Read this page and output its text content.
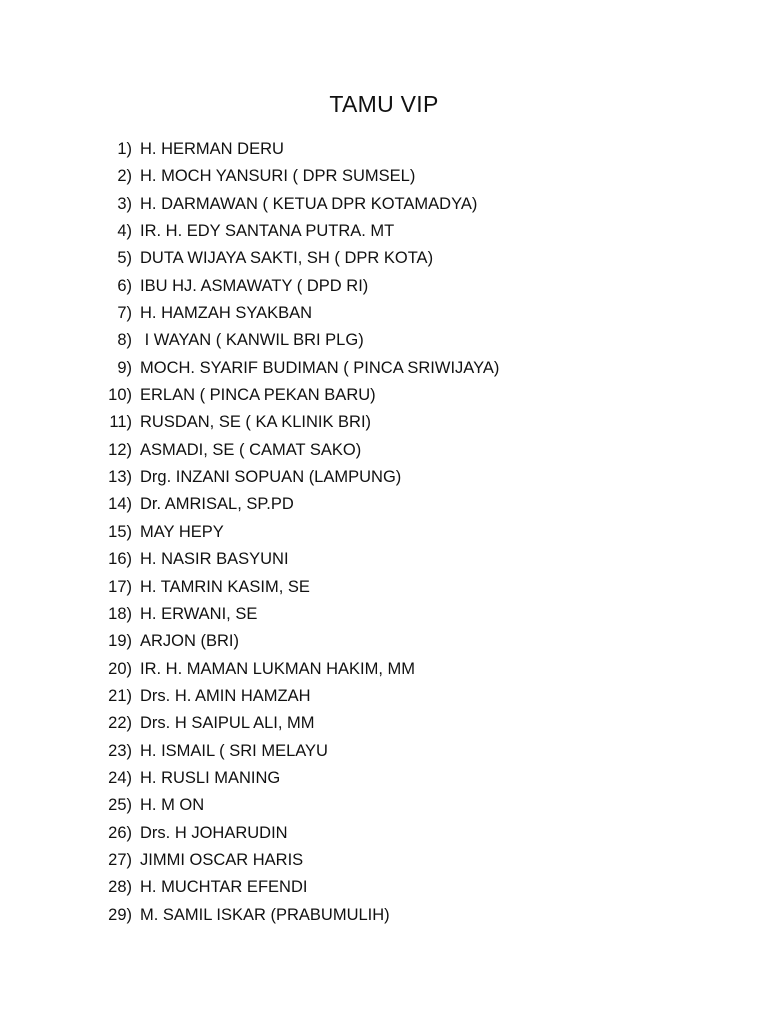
TAMU VIP
1) H. HERMAN DERU
2) H. MOCH YANSURI ( DPR SUMSEL)
3) H. DARMAWAN ( KETUA DPR KOTAMADYA)
4) IR. H. EDY SANTANA PUTRA. MT
5) DUTA WIJAYA SAKTI, SH ( DPR KOTA)
6) IBU HJ. ASMAWATY ( DPD RI)
7) H. HAMZAH SYAKBAN
8) I WAYAN ( KANWIL BRI PLG)
9) MOCH. SYARIF BUDIMAN ( PINCA SRIWIJAYA)
10) ERLAN ( PINCA PEKAN BARU)
11) RUSDAN, SE ( KA KLINIK BRI)
12) ASMADI, SE ( CAMAT SAKO)
13) Drg. INZANI SOPUAN (LAMPUNG)
14) Dr. AMRISAL, SP.PD
15) MAY HEPY
16) H. NASIR BASYUNI
17) H. TAMRIN KASIM, SE
18) H. ERWANI, SE
19) ARJON (BRI)
20) IR. H. MAMAN LUKMAN HAKIM, MM
21) Drs. H. AMIN HAMZAH
22) Drs. H SAIPUL ALI, MM
23) H. ISMAIL ( SRI MELAYU
24) H. RUSLI MANING
25) H. M ON
26) Drs. H JOHARUDIN
27) JIMMI OSCAR HARIS
28) H. MUCHTAR EFENDI
29) M. SAMIL ISKAR (PRABUMULIH)
